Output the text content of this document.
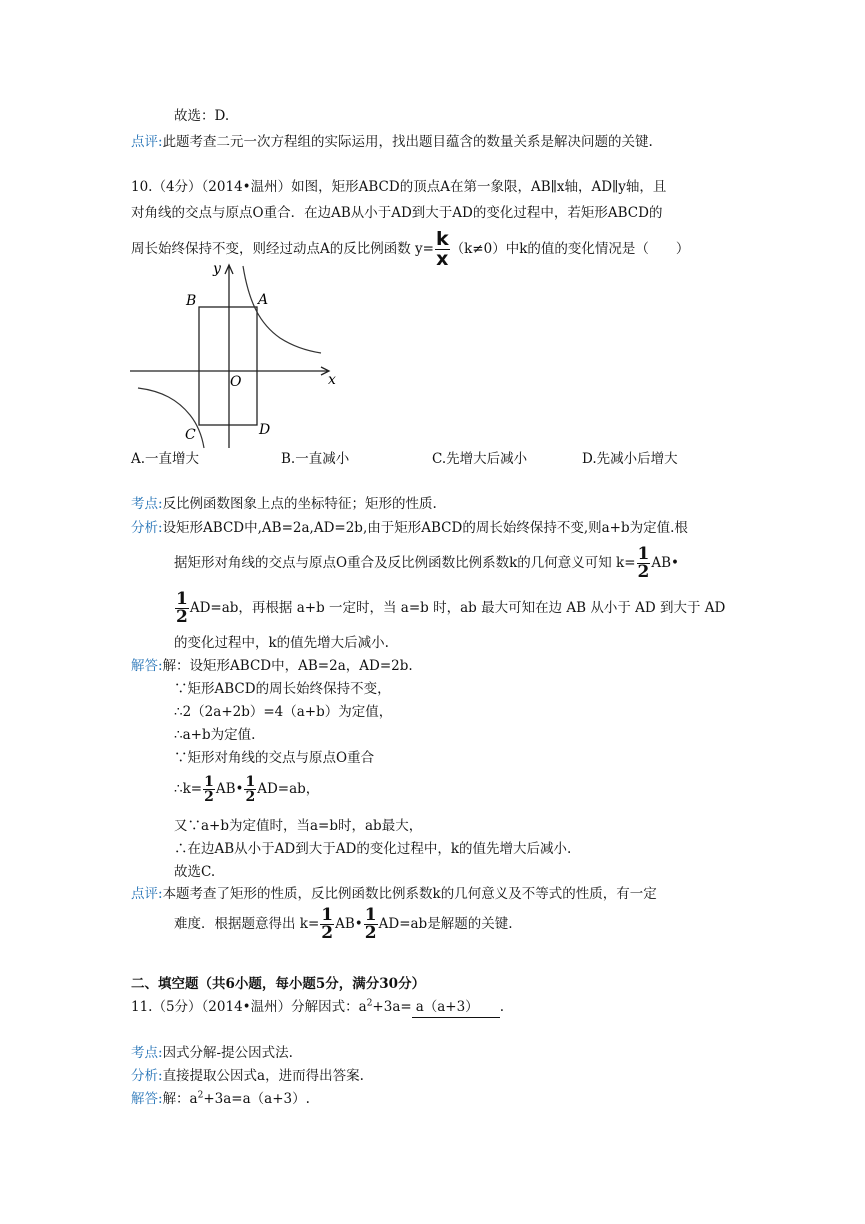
故选：D.
点评:此题考查二元一次方程组的实际运用，找出题目蕴含的数量关系是解决问题的关键.
10.（4分）（2014•温州）如图，矩形ABCD的顶点A在第一象限，AB∥x轴，AD∥y轴，且
对角线的交点与原点O重合．在边AB从小于AD到大于AD的变化过程中，若矩形ABCD的
周长始终保持不变，则经过动点A的反比例函数 $y= \frac{k}{x} (k\ne 0)$中k的值的变化情况是（　　）
y
x
B	A
O
C	D
A.一直增大	B.一直减小	C.先增大后减小	D.先减小后增大
考点:反比例函数图象上点的坐标特征；矩形的性质.
分析:设矩形ABCD中,AB=2a,AD=2b,由于矩形ABCD的周长始终保持不变,则a+b为定值.根
据矩形对角线的交点与原点O重合及反比例函数比例系数k的几何意义可知 $k= \frac{1}{2}$ AB•
$\frac{1}{2} AD=ab$，再根据 a+b 一定时，当 a=b 时，ab 最大可知在边 AB 从小于 AD 到大于 AD
的变化过程中，k的值先增大后减小.
解答:解：设矩形ABCD中，AB=2a，AD=2b.
∵矩形ABCD的周长始终保持不变，
∴2（2a+2b）=4（a+b）为定值，
∴a+b为定值.
∵矩形对角线的交点与原点O重合
∴k= $\frac{1}{2}$ AB• $\frac{1}{2} AD=ab$，
又∵a+b为定值时，当a=b时，ab最大，
∴在边AB从小于AD到大于AD的变化过程中，k的值先增大后减小.
故选C.
点评:本题考查了矩形的性质，反比例函数比例系数k的几何意义及不等式的性质，有一定
难度．根据题意得出 $k= \frac{1}{2}$ AB• $\frac{1}{2} AD=ab$是解题的关键.
二、填空题（共6小题，每小题5分，满分30分）
11.（5分）（2014•温州）分解因式：$a^2+3a= a(a+3)$ .
考点:因式分解-提公因式法.
分析:直接提取公因式a，进而得出答案.
解答:解：$a^2+3a=a(a+3)$.
